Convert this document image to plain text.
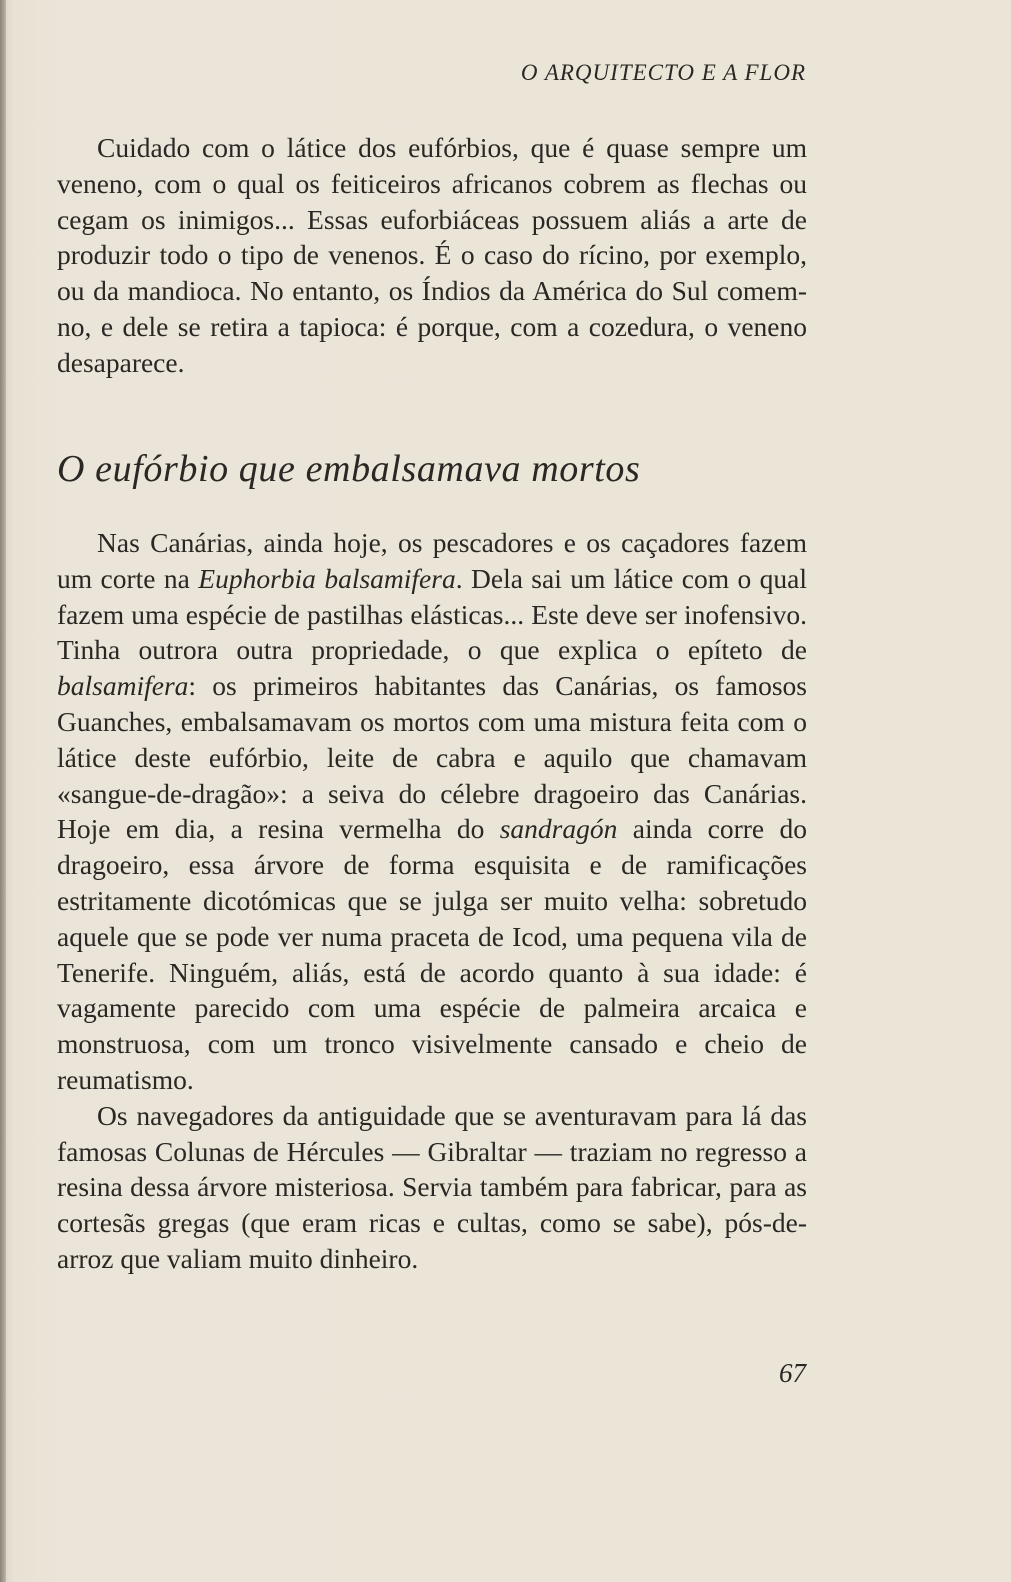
O ARQUITECTO E A FLOR

Cuidado com o látice dos eufórbios, que é quase sempre um veneno, com o qual os feiticeiros africanos cobrem as flechas ou cegam os inimigos... Essas euforbiáceas possuem aliás a arte de produzir todo o tipo de venenos. É o caso do rícino, por exemplo, ou da mandioca. No entanto, os Índios da América do Sul comem-no, e dele se retira a tapioca: é porque, com a cozedura, o veneno desaparece.

O eufórbio que embalsamava mortos

Nas Canárias, ainda hoje, os pescadores e os caçadores fazem um corte na Euphorbia balsamifera. Dela sai um látice com o qual fazem uma espécie de pastilhas elásticas... Este deve ser inofensivo. Tinha outrora outra propriedade, o que explica o epíteto de balsamifera: os primeiros habitantes das Canárias, os famosos Guanches, embalsamavam os mortos com uma mistura feita com o látice deste eufórbio, leite de cabra e aquilo que chamavam «sangue-de-dragão»: a seiva do célebre dragoeiro das Canárias. Hoje em dia, a resina vermelha do sandragón ainda corre do dragoeiro, essa árvore de forma esquisita e de ramificações estritamente dicotómicas que se julga ser muito velha: sobretudo aquele que se pode ver numa praceta de Icod, uma pequena vila de Tenerife. Ninguém, aliás, está de acordo quanto à sua idade: é vagamente parecido com uma espécie de palmeira arcaica e monstruosa, com um tronco visivelmente cansado e cheio de reumatismo.

Os navegadores da antiguidade que se aventuravam para lá das famosas Colunas de Hércules — Gibraltar — traziam no regresso a resina dessa árvore misteriosa. Servia também para fabricar, para as cortesãs gregas (que eram ricas e cultas, como se sabe), pós-de-arroz que valiam muito dinheiro.

67
